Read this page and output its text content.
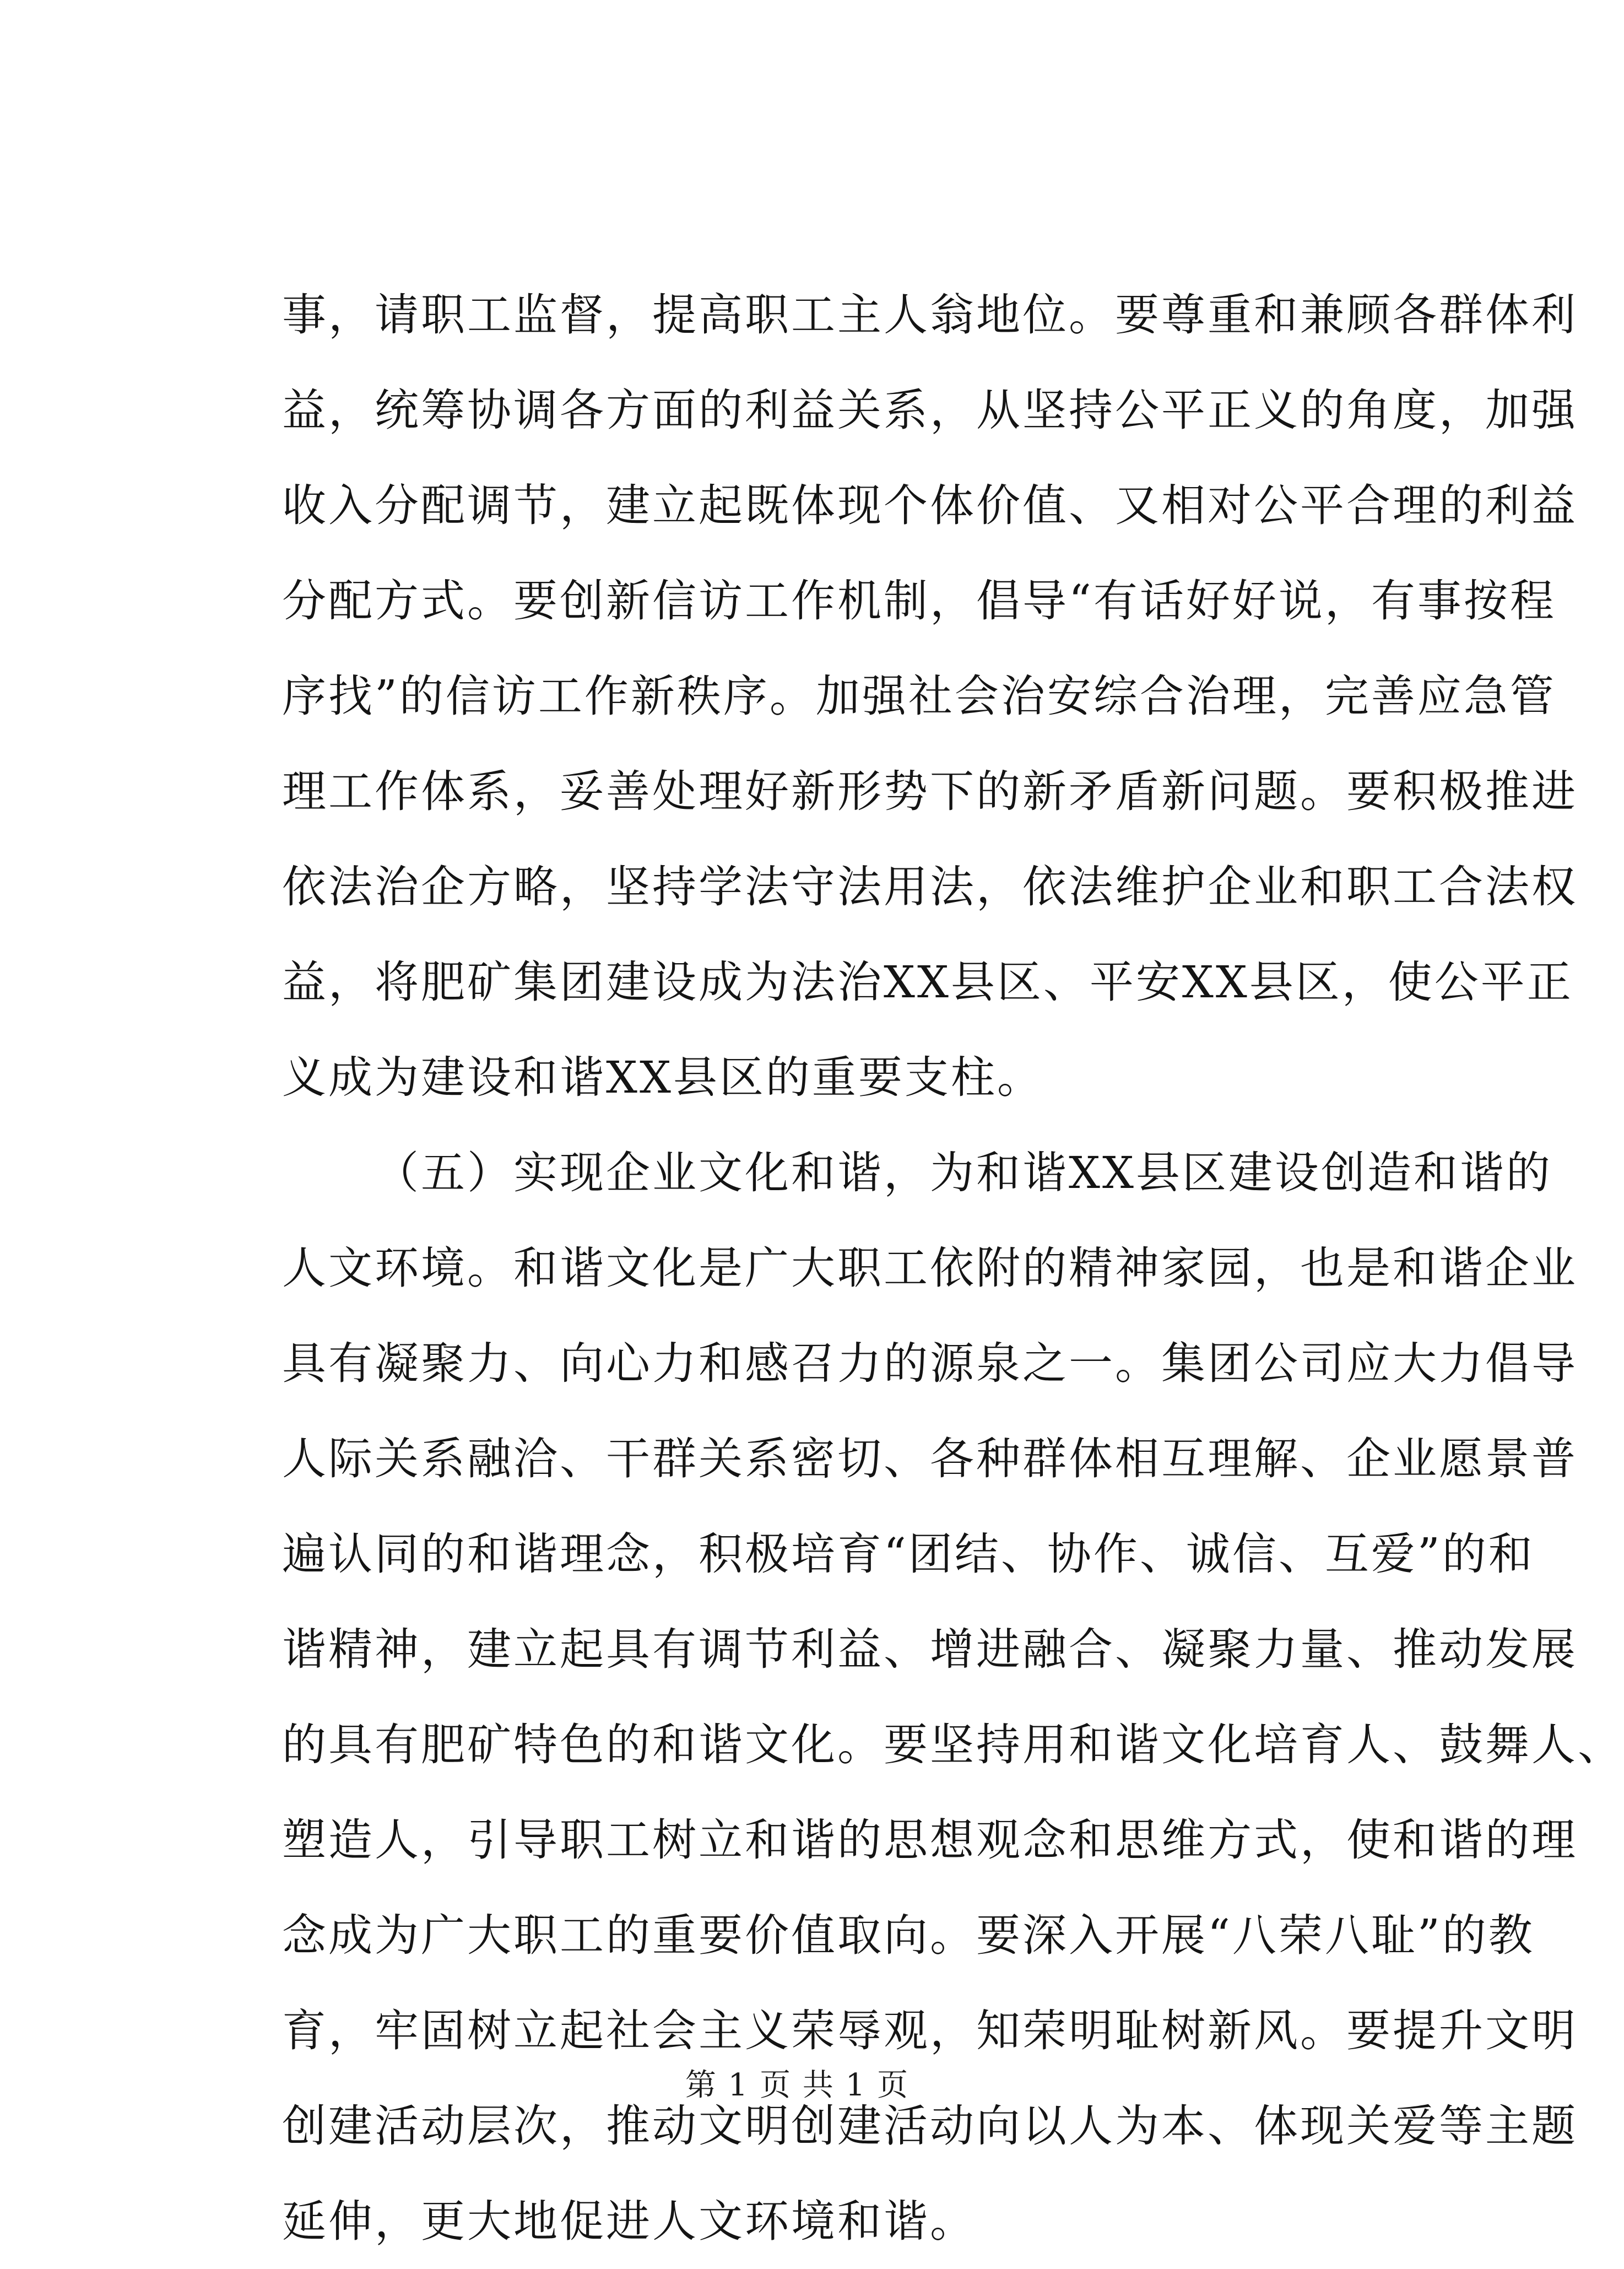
事，请职工监督，提高职工主人翁地位。要尊重和兼顾各群体利
益，统筹协调各方面的利益关系，从坚持公平正义的角度，加强
收入分配调节，建立起既体现个体价值、又相对公平合理的利益
分配方式。要创新信访工作机制，倡导“有话好好说，有事按程
序找”的信访工作新秩序。加强社会治安综合治理，完善应急管
理工作体系，妥善处理好新形势下的新矛盾新问题。要积极推进
依法治企方略，坚持学法守法用法，依法维护企业和职工合法权
益，将肥矿集团建设成为法治XX县区、平安XX县区，使公平正
义成为建设和谐XX县区的重要支柱。
（五）实现企业文化和谐，为和谐XX县区建设创造和谐的
人文环境。和谐文化是广大职工依附的精神家园，也是和谐企业
具有凝聚力、向心力和感召力的源泉之一。集团公司应大力倡导
人际关系融洽、干群关系密切、各种群体相互理解、企业愿景普
遍认同的和谐理念，积极培育“团结、协作、诚信、互爱”的和
谐精神，建立起具有调节利益、增进融合、凝聚力量、推动发展
的具有肥矿特色的和谐文化。要坚持用和谐文化培育人、鼓舞人、
塑造人，引导职工树立和谐的思想观念和思维方式，使和谐的理
念成为广大职工的重要价值取向。要深入开展“八荣八耻”的教
育，牢固树立起社会主义荣辱观，知荣明耻树新风。要提升文明
创建活动层次，推动文明创建活动向以人为本、体现关爱等主题
延伸，更大地促进人文环境和谐。
第 1 页 共 1 页
